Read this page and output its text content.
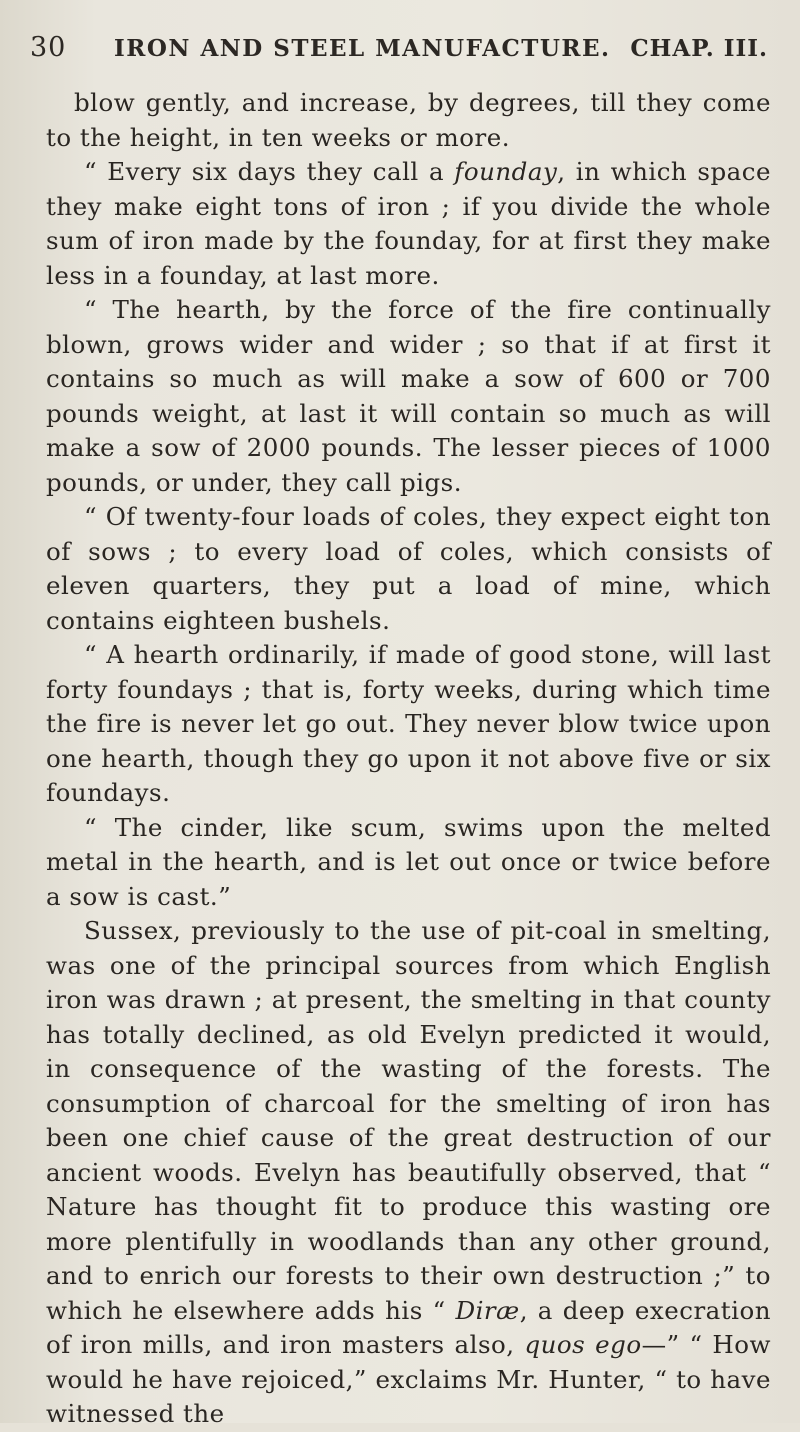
30 IRON AND STEEL MANUFACTURE. CHAP. III.

blow gently, and increase, by degrees, till they come to the height, in ten weeks or more.

“ Every six days they call a founday, in which space they make eight tons of iron ; if you divide the whole sum of iron made by the founday, for at first they make less in a founday, at last more.

“ The hearth, by the force of the fire continually blown, grows wider and wider ; so that if at first it contains so much as will make a sow of 600 or 700 pounds weight, at last it will contain so much as will make a sow of 2000 pounds. The lesser pieces of 1000 pounds, or under, they call pigs.

“ Of twenty-four loads of coles, they expect eight ton of sows ; to every load of coles, which consists of eleven quarters, they put a load of mine, which contains eighteen bushels.

“ A hearth ordinarily, if made of good stone, will last forty foundays ; that is, forty weeks, during which time the fire is never let go out. They never blow twice upon one hearth, though they go upon it not above five or six foundays.

“ The cinder, like scum, swims upon the melted metal in the hearth, and is let out once or twice before a sow is cast.”

Sussex, previously to the use of pit-coal in smelting, was one of the principal sources from which English iron was drawn ; at present, the smelting in that county has totally declined, as old Evelyn predicted it would, in consequence of the wasting of the forests. The consumption of charcoal for the smelting of iron has been one chief cause of the great destruction of our ancient woods. Evelyn has beautifully observed, that “ Nature has thought fit to produce this wasting ore more plentifully in woodlands than any other ground, and to enrich our forests to their own destruction ;” to which he elsewhere adds his “ Diræ, a deep execration of iron mills, and iron masters also, quos ego—” “ How would he have rejoiced,” exclaims Mr. Hunter, “ to have witnessed the
